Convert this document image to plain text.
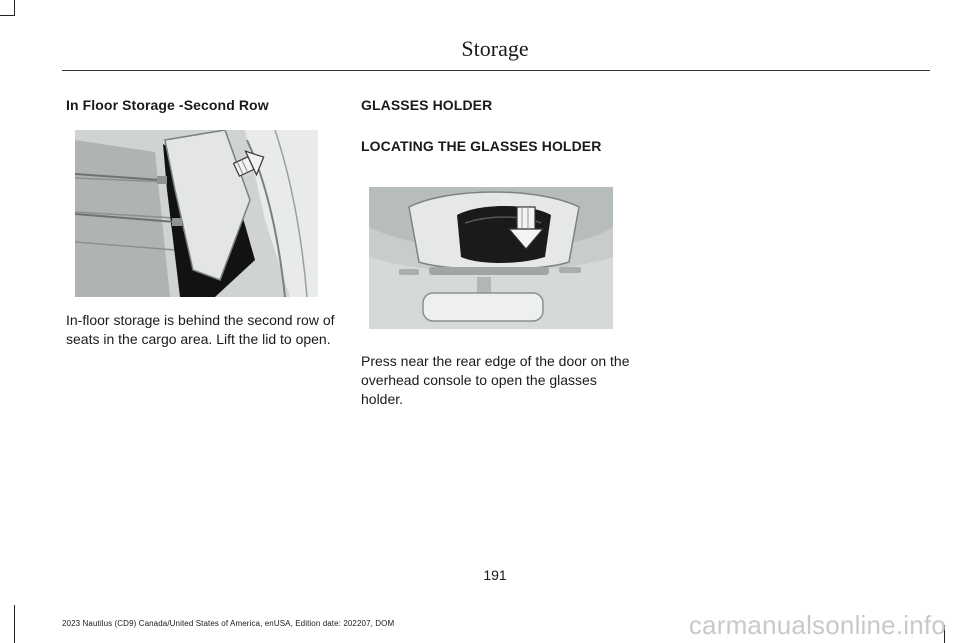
Storage
In Floor Storage -Second Row
In-floor storage is behind the second row of seats in the cargo area. Lift the lid to open.
GLASSES HOLDER
LOCATING THE GLASSES HOLDER
Press near the rear edge of the door on the overhead console to open the glasses holder.
191
2023 Nautilus (CD9) Canada/United States of America, enUSA, Edition date: 202207, DOM	carmanualsonline.info
